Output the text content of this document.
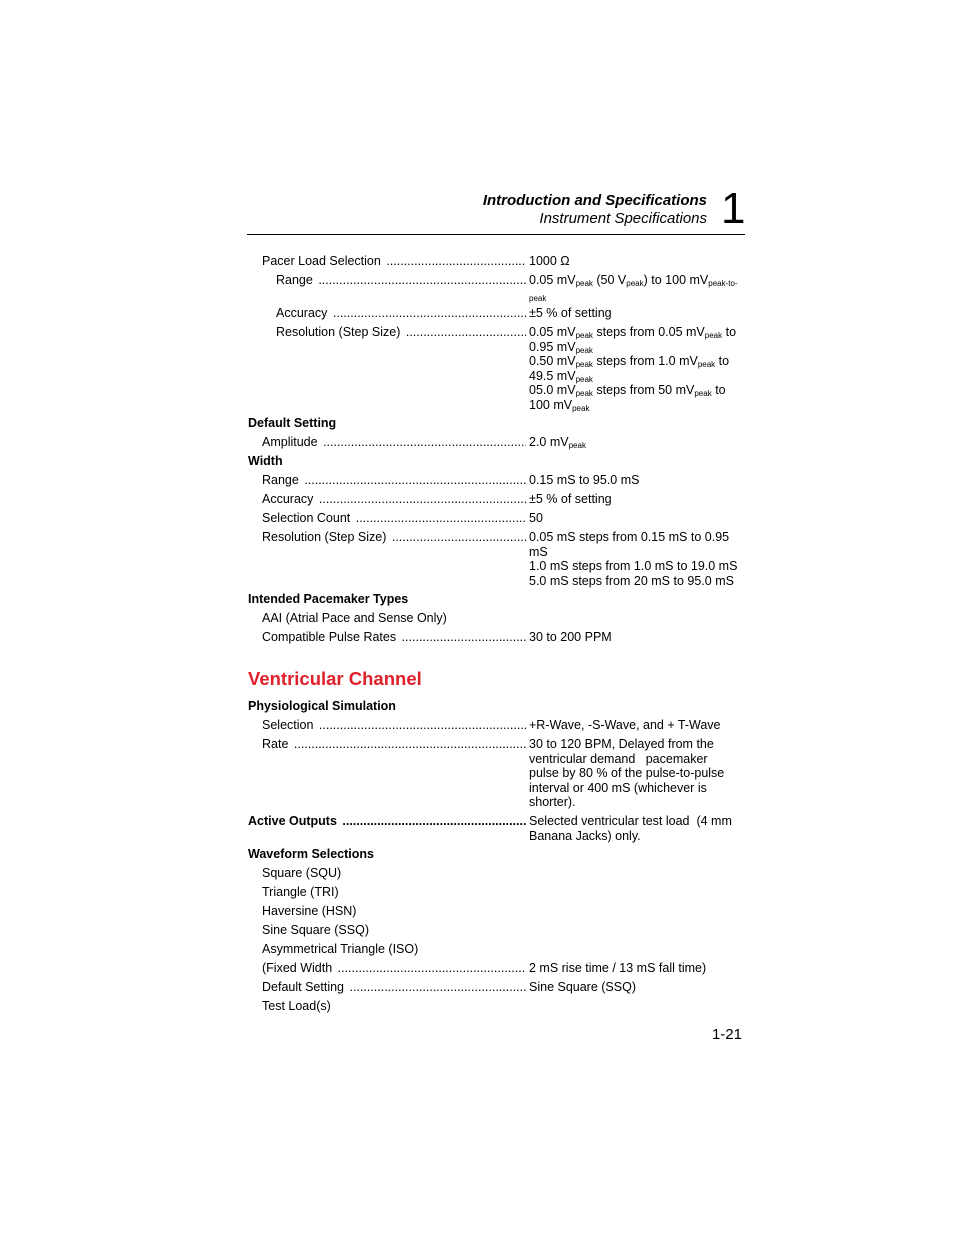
Introduction and Specifications
Instrument Specifications 1
Pacer Load Selection .....	1000 Ω
Range .....	0.05 $mV_{peak}$ (50 $V_{peak}$) to 100 $mV_{peak-to-}$
$_{peak}$
Accuracy .....	±5 % of setting
Resolution (Step Size) .....	0.05 $mV_{peak}$ steps from 0.05 $mV_{peak}$ to
0.95 $mV_{peak}$
0.50 $mV_{peak}$ steps from 1.0 $mV_{peak}$ to
49.5 $mV_{peak}$
05.0 $mV_{peak}$ steps from 50 $mV_{peak}$ to
100 $mV_{peak}$
Default Setting
Amplitude .....	2.0 $mV_{peak}$
Width
Range .....	0.15 mS to 95.0 mS
Accuracy .....	±5 % of setting
Selection Count .....	50
Resolution (Step Size) .....	0.05 mS steps from 0.15 mS to 0.95
mS
1.0 mS steps from 1.0 mS to 19.0 mS
5.0 mS steps from 20 mS to 95.0 mS
Intended Pacemaker Types
AAI (Atrial Pace and Sense Only)
Compatible Pulse Rates .....	30 to 200 PPM
Ventricular Channel
Physiological Simulation
Selection .....	+R-Wave, -S-Wave, and + T-Wave
Rate .....	30 to 120 BPM, Delayed from the
ventricular demand   pacemaker
pulse by 80 % of the pulse-to-pulse
interval or 400 mS (whichever is
shorter).
Active Outputs .....	Selected ventricular test load  (4 mm
Banana Jacks) only.
Waveform Selections
Square (SQU)
Triangle (TRI)
Haversine (HSN)
Sine Square (SSQ)
Asymmetrical Triangle (ISO)
(Fixed Width .....	2 mS rise time / 13 mS fall time)
Default Setting .....	Sine Square (SSQ)
Test Load(s)
1-21
